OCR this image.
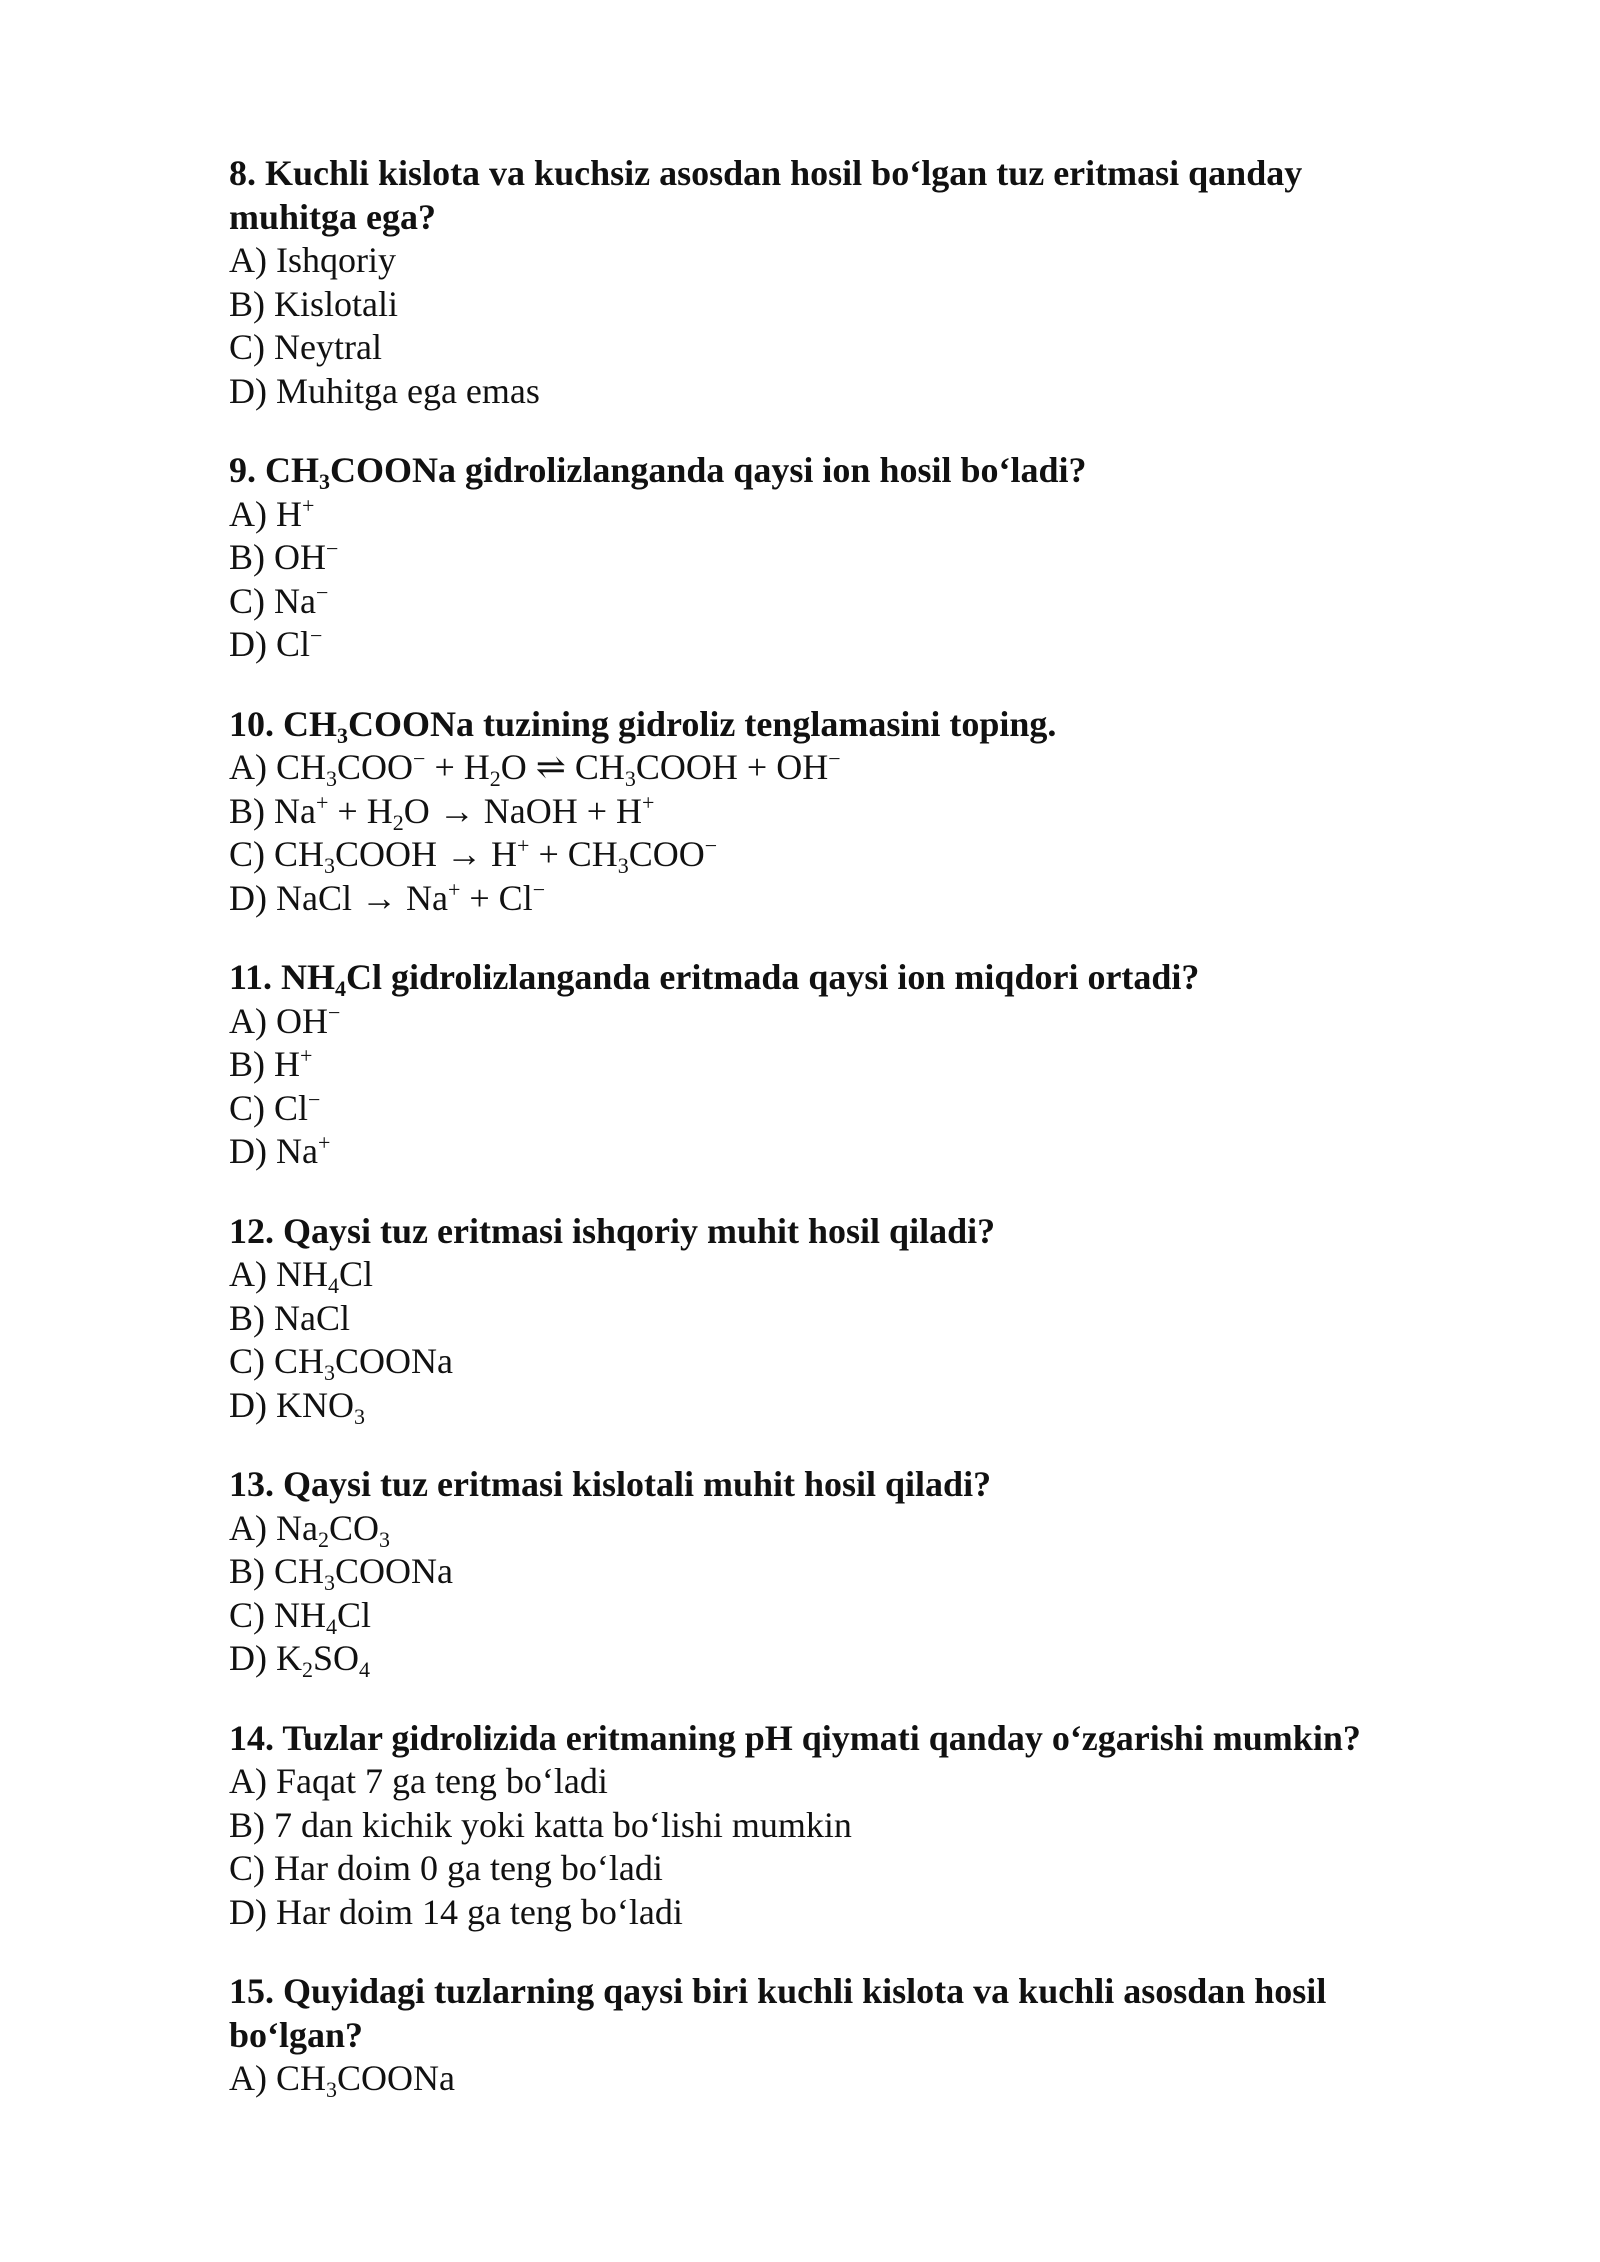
8. Kuchli kislota va kuchsiz asosdan hosil bo‘lgan tuz eritmasi qanday muhitga ega?

A) Ishqoriy

B) Kislotali

C) Neytral

D) Muhitga ega emas

9. $CH_3COONa$ gidrolizlanganda qaysi ion hosil bo‘ladi?

A) H+

B) OH−

C) Na−

D) Cl−

10. $CH_3COONa$ tuzining gidroliz tenglamasini toping.

A) $CH_3COO^- + H_2O$ ⇌ $CH_3COOH + OH^-$

B) $Na^+ + H_2O$ → NaOH + H+

C) $CH_3COOH \to H^+ + CH_3COO^-$

D) NaCl → Na+ + Cl−

11. $NH_4Cl$ gidrolizlanganda eritmada qaysi ion miqdori ortadi?

A) OH−

B) H+

C) Cl−

D) Na+

12. Qaysi tuz eritmasi ishqoriy muhit hosil qiladi?

A) $NH_4Cl$

B) NaCl

C) $CH_3COONa$

D) $KNO_3$

13. Qaysi tuz eritmasi kislotali muhit hosil qiladi?

A) $Na_2CO_3$

B) $CH_3COONa$

C) $NH_4Cl$

D) $K_2SO_4$

14. Tuzlar gidrolizida eritmaning pH qiymati qanday o‘zgarishi mumkin?

A) Faqat 7 ga teng bo‘ladi

B) 7 dan kichik yoki katta bo‘lishi mumkin

C) Har doim 0 ga teng bo‘ladi

D) Har doim 14 ga teng bo‘ladi

15. Quyidagi tuzlarning qaysi biri kuchli kislota va kuchli asosdan hosil bo‘lgan?

A) $CH_3COONa$
